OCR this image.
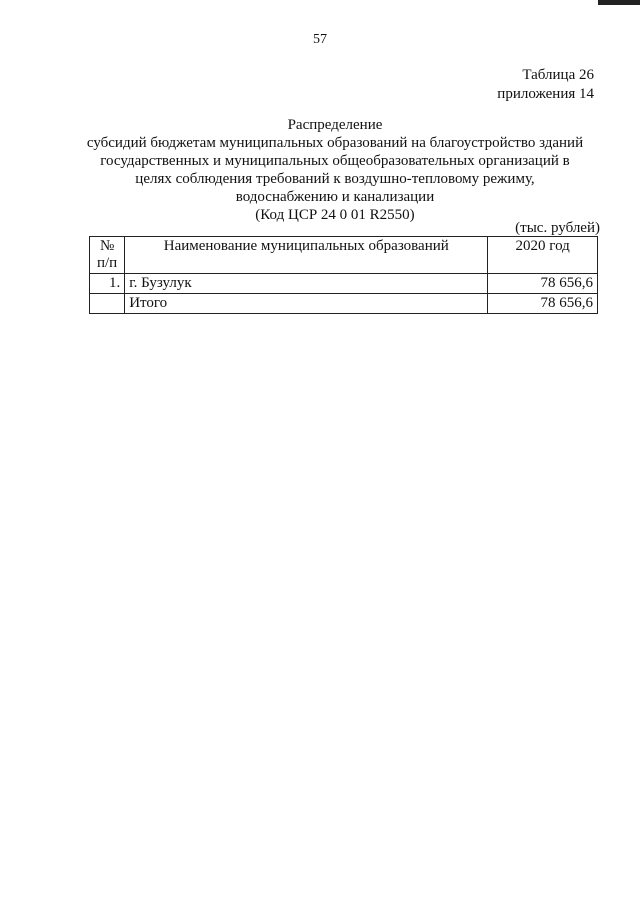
57
Таблица 26
приложения 14
Распределение
субсидий бюджетам муниципальных образований на благоустройство зданий
государственных и муниципальных общеобразовательных организаций в
целях соблюдения требований к воздушно-тепловому режиму,
водоснабжению и канализации
(Код ЦСР 24 0 01 R2550)
(тыс. рублей)
№
п/п	Наименование муниципальных образований	2020 год
1.	г. Бузулук	78 656,6
	Итого	78 656,6
